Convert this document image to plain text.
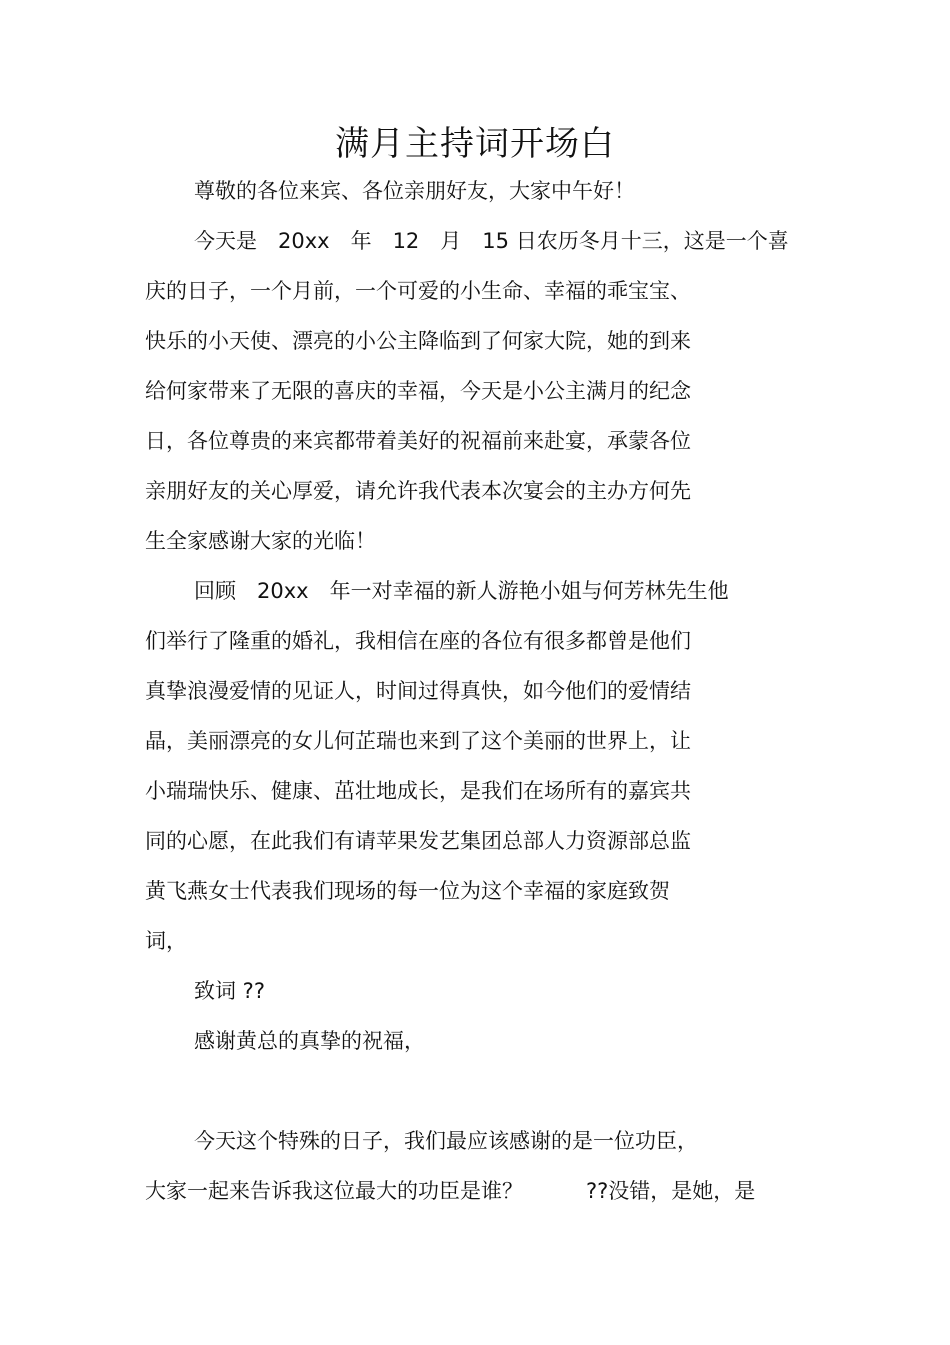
满月主持词开场白

尊敬的各位来宾、各位亲朋好友，大家中午好！

今天是　20xx　年　12　月　15 日农历冬月十三，这是一个喜

庆的日子，一个月前，一个可爱的小生命、幸福的乖宝宝、

快乐的小天使、漂亮的小公主降临到了何家大院，她的到来

给何家带来了无限的喜庆的幸福，今天是小公主满月的纪念

日，各位尊贵的来宾都带着美好的祝福前来赴宴，承蒙各位

亲朋好友的关心厚爱，请允许我代表本次宴会的主办方何先

生全家感谢大家的光临！

回顾　20xx　年一对幸福的新人游艳小姐与何芳林先生他

们举行了隆重的婚礼，我相信在座的各位有很多都曾是他们

真挚浪漫爱情的见证人，时间过得真快，如今他们的爱情结

晶，美丽漂亮的女儿何芷瑞也来到了这个美丽的世界上，让

小瑞瑞快乐、健康、茁壮地成长，是我们在场所有的嘉宾共

同的心愿，在此我们有请苹果发艺集团总部人力资源部总监

黄飞燕女士代表我们现场的每一位为这个幸福的家庭致贺

词，

致词 ??

感谢黄总的真挚的祝福，

今天这个特殊的日子，我们最应该感谢的是一位功臣，

大家一起来告诉我这位最大的功臣是谁？　　　??没错，是她，是
